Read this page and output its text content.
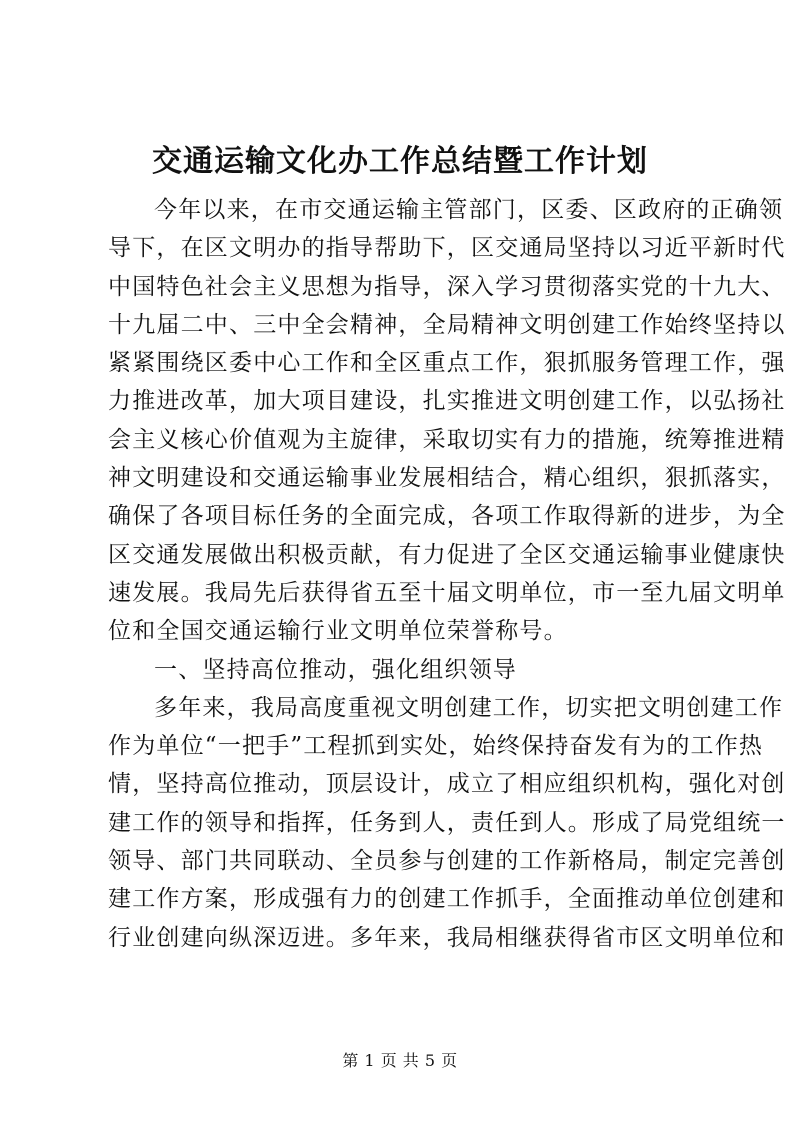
交通运输文化办工作总结暨工作计划
今年以来，在市交通运输主管部门，区委、区政府的正确领
导下，在区文明办的指导帮助下，区交通局坚持以习近平新时代
中国特色社会主义思想为指导，深入学习贯彻落实党的十九大、
十九届二中、三中全会精神，全局精神文明创建工作始终坚持以
紧紧围绕区委中心工作和全区重点工作，狠抓服务管理工作，强
力推进改革，加大项目建设，扎实推进文明创建工作，以弘扬社
会主义核心价值观为主旋律，采取切实有力的措施，统筹推进精
神文明建设和交通运输事业发展相结合，精心组织，狠抓落实，
确保了各项目标任务的全面完成，各项工作取得新的进步，为全
区交通发展做出积极贡献，有力促进了全区交通运输事业健康快
速发展。我局先后获得省五至十届文明单位，市一至九届文明单
位和全国交通运输行业文明单位荣誉称号。
一、坚持高位推动，强化组织领导
多年来，我局高度重视文明创建工作，切实把文明创建工作
作为单位“一把手”工程抓到实处，始终保持奋发有为的工作热
情，坚持高位推动，顶层设计，成立了相应组织机构，强化对创
建工作的领导和指挥，任务到人，责任到人。形成了局党组统一
领导、部门共同联动、全员参与创建的工作新格局，制定完善创
建工作方案，形成强有力的创建工作抓手，全面推动单位创建和
行业创建向纵深迈进。多年来，我局相继获得省市区文明单位和
第 1 页 共 5 页
